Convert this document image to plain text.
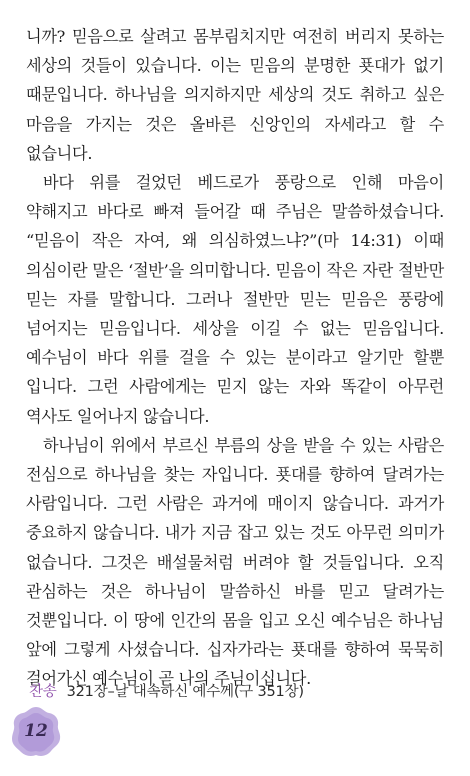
니까? 믿음으로 살려고 몸부림치지만 여전히 버리지 못하는 세상의 것들이 있습니다. 이는 믿음의 분명한 푯대가 없기 때문입니다. 하나님을 의지하지만 세상의 것도 취하고 싶은 마음을 가지는 것은 올바른 신앙인의 자세라고 할 수 없습니다.

바다 위를 걸었던 베드로가 풍랑으로 인해 마음이 약해지고 바다로 빠져 들어갈 때 주님은 말씀하셨습니다. “믿음이 작은 자여, 왜 의심하였느냐?”(마 14:31) 이때 의심이란 말은 ‘절반’을 의미합니다. 믿음이 작은 자란 절반만 믿는 자를 말합니다. 그러나 절반만 믿는 믿음은 풍랑에 넘어지는 믿음입니다. 세상을 이길 수 없는 믿음입니다. 예수님이 바다 위를 걸을 수 있는 분이라고 알기만 할뿐 입니다. 그런 사람에게는 믿지 않는 자와 똑같이 아무런 역사도 일어나지 않습니다.

하나님이 위에서 부르신 부름의 상을 받을 수 있는 사람은 전심으로 하나님을 찾는 자입니다. 푯대를 향하여 달려가는 사람입니다. 그런 사람은 과거에 매이지 않습니다. 과거가 중요하지 않습니다. 내가 지금 잡고 있는 것도 아무런 의미가 없습니다. 그것은 배설물처럼 버려야 할 것들입니다. 오직 관심하는 것은 하나님이 말씀하신 바를 믿고 달려가는 것뿐입니다. 이 땅에 인간의 몸을 입고 오신 예수님은 하나님 앞에 그렇게 사셨습니다. 십자가라는 푯대를 향하여 묵묵히 걸어가신 예수님이 곧 나의 주님이십니다.

찬송 321장–날 대속하신 예수께(구 351장)
12
